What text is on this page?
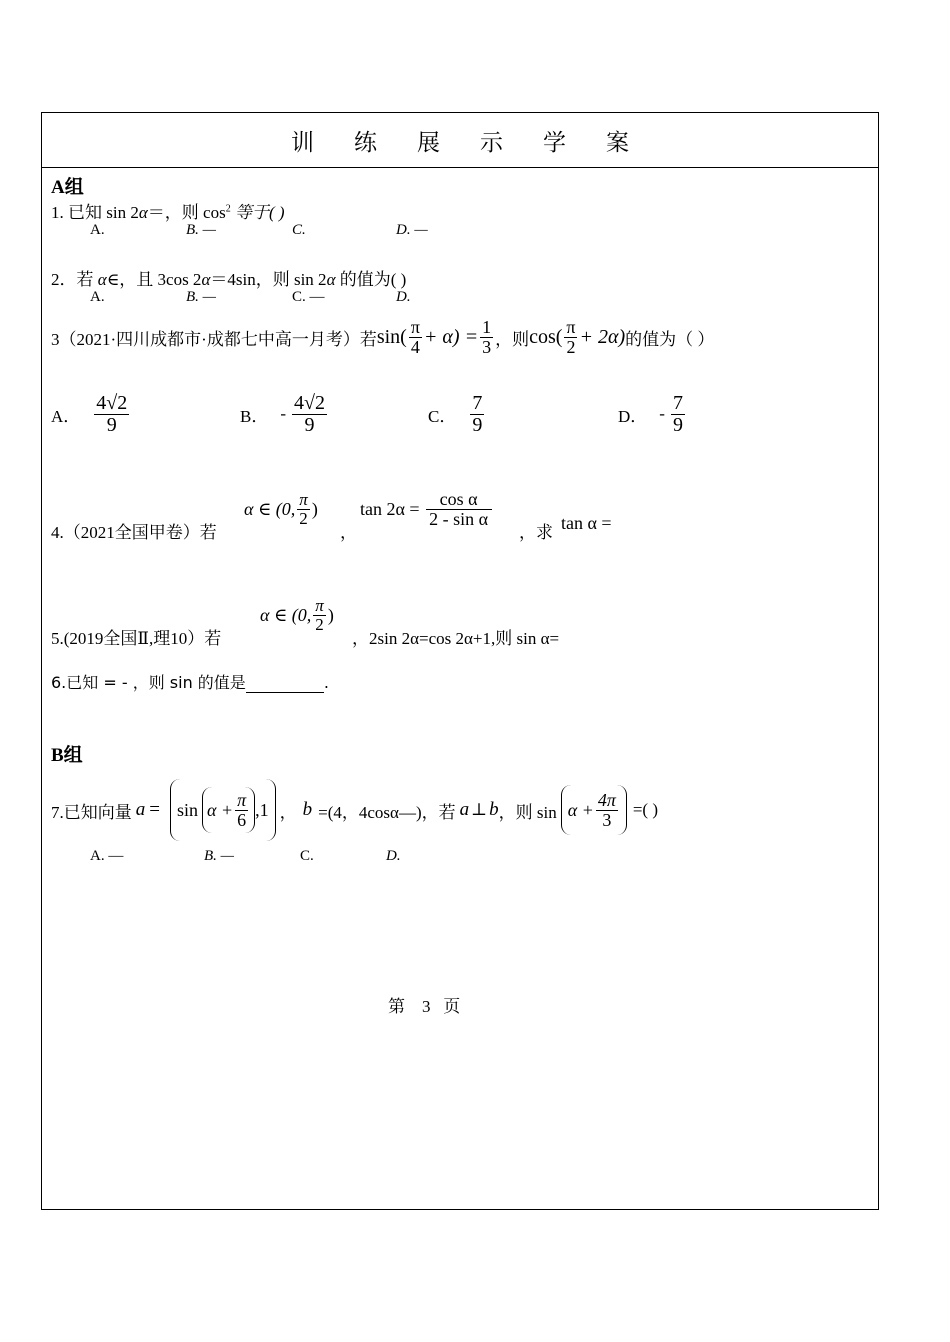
训练展示学案
A组
1. 已知 sin 2α＝，则 $\cos^2$ 等于( )
A.	B. —	C.	D. —
2．若 α∈，且 3cos 2α＝4sin，则 sin 2α 的值为( )
A.	B. —	C. —	D.
3（2021·四川成都市·成都七中高一月考）若 $\sin( \frac{\pi}{4} + \alpha) = \frac{1}{3}$ ，则 $\cos( \frac{\pi}{2} + 2\alpha)$ 的值为（ ）
A． $\frac{4√2}{9}$	B． - $\frac{4√2}{9}$	C． $\frac{7}{9}$	D． - $\frac{7}{9}$
4.（2021全国甲卷）若
α ∈ (0, $\frac{\pi}{2}$ )
，
$\tan 2\alpha = \frac{\text{cos α}}{\text{2 - sin α}}$
，求 tan α =
5.(2019全国Ⅱ,理10）若
α ∈ (0, $\frac{\pi}{2}$ )
，2sin 2α=cos 2α+1,则 sin α=
6.已知 = - ，则 sin 的值是	.
B组
7.已知向量 $a = \sin \alpha + \frac{\pi}{6} ,1$ ， b =(4，4cosα—)，若 a ⊥ b ，则 $\sin \alpha + \frac{4\pi}{3}$ =( )
A. —	B. —	C.	D.
第    3   页
